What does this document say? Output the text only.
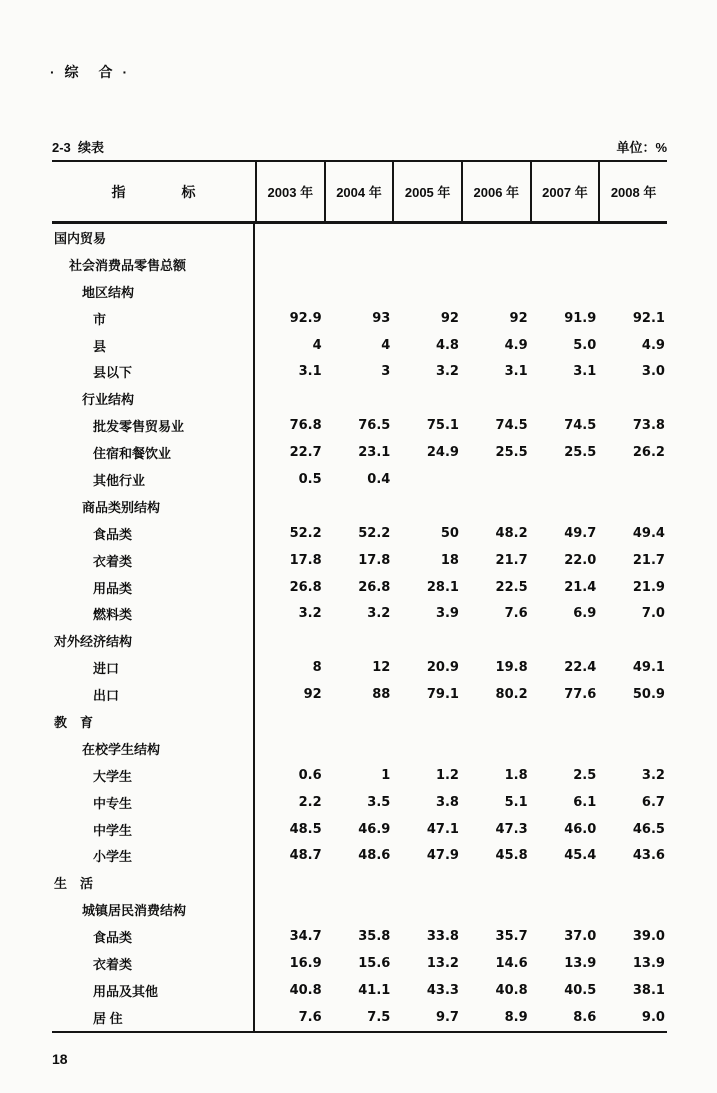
· 综　合 ·
2-3  续表	单位：%
指　　　　标	2003 年	2004 年	2005 年	2006 年	2007 年	2008 年
国内贸易
社会消费品零售总额
地区结构
市	92.9	93	92	92	91.9	92.1
县	4	4	4.8	4.9	5.0	4.9
县以下	3.1	3	3.2	3.1	3.1	3.0
行业结构
批发零售贸易业	76.8	76.5	75.1	74.5	74.5	73.8
住宿和餐饮业	22.7	23.1	24.9	25.5	25.5	26.2
其他行业	0.5	0.4
商品类别结构
食品类	52.2	52.2	50	48.2	49.7	49.4
衣着类	17.8	17.8	18	21.7	22.0	21.7
用品类	26.8	26.8	28.1	22.5	21.4	21.9
燃料类	3.2	3.2	3.9	7.6	6.9	7.0
对外经济结构
进口	8	12	20.9	19.8	22.4	49.1
出口	92	88	79.1	80.2	77.6	50.9
教　育
在校学生结构
大学生	0.6	1	1.2	1.8	2.5	3.2
中专生	2.2	3.5	3.8	5.1	6.1	6.7
中学生	48.5	46.9	47.1	47.3	46.0	46.5
小学生	48.7	48.6	47.9	45.8	45.4	43.6
生　活
城镇居民消费结构
食品类	34.7	35.8	33.8	35.7	37.0	39.0
衣着类	16.9	15.6	13.2	14.6	13.9	13.9
用品及其他	40.8	41.1	43.3	40.8	40.5	38.1
居 住	7.6	7.5	9.7	8.9	8.6	9.0
18
